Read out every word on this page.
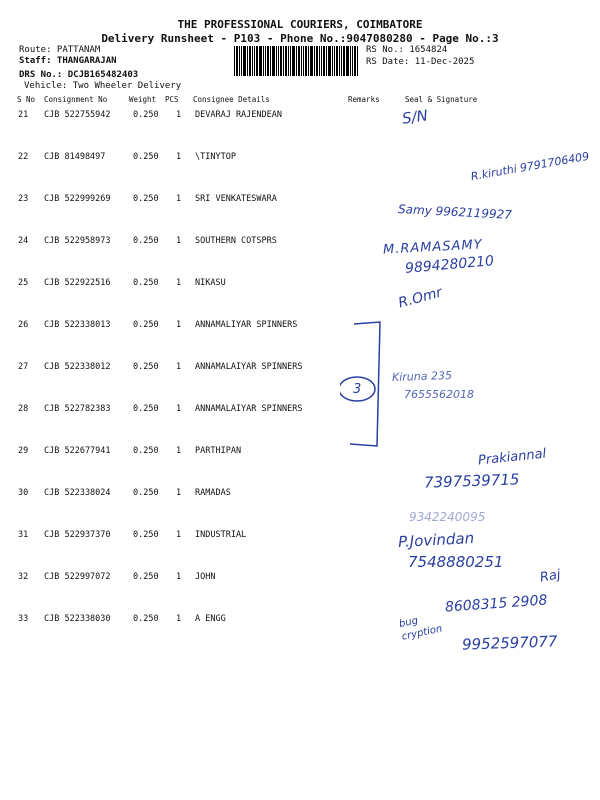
THE PROFESSIONAL COURIERS, COIMBATORE
Delivery Runsheet - P103 - Phone No.:9047080280 - Page No.:3
Route: PATTANAM
Staff: THANGARAJAN
DRS No.: DCJB165482403
Vehicle: Two Wheeler Delivery
RS No.: 1654824
RS Date: 11-Dec-2025
S No Consignment No	Weight PCS Consignee Details	Remarks	Seal & Signature
21 CJB 522755942	0.250 1 DEVARAJ RAJENDEAN
22 CJB 81498497	0.250 1 \TINYTOP
23 CJB 522999269	0.250 1 SRI VENKATESWARA
24 CJB 522958973	0.250 1 SOUTHERN COTSPRS
25 CJB 522922516	0.250 1 NIKASU
26 CJB 522338013	0.250 1 ANNAMALIYAR SPINNERS
27 CJB 522338012	0.250 1 ANNAMALAIYAR SPINNERS
28 CJB 522782383	0.250 1 ANNAMALAIYAR SPINNERS
29 CJB 522677941	0.250 1 PARTHIPAN
30 CJB 522338024	0.250 1 RAMADAS
31 CJB 522937370	0.250 1 INDUSTRIAL
32 CJB 522997072	0.250 1 JOHN
33 CJB 522338030	0.250 1 A ENGG
S/N
R.kiruthi 9791706409
Samy 9962119927
M.RAMASAMY
9894280210
R.Omr
3
Kiruna 235
7655562018
Prakiannal
7397539715
9342240095
P.Jovindan
7548880251
Raj
8608315 2908
9952597077
bug cryption
